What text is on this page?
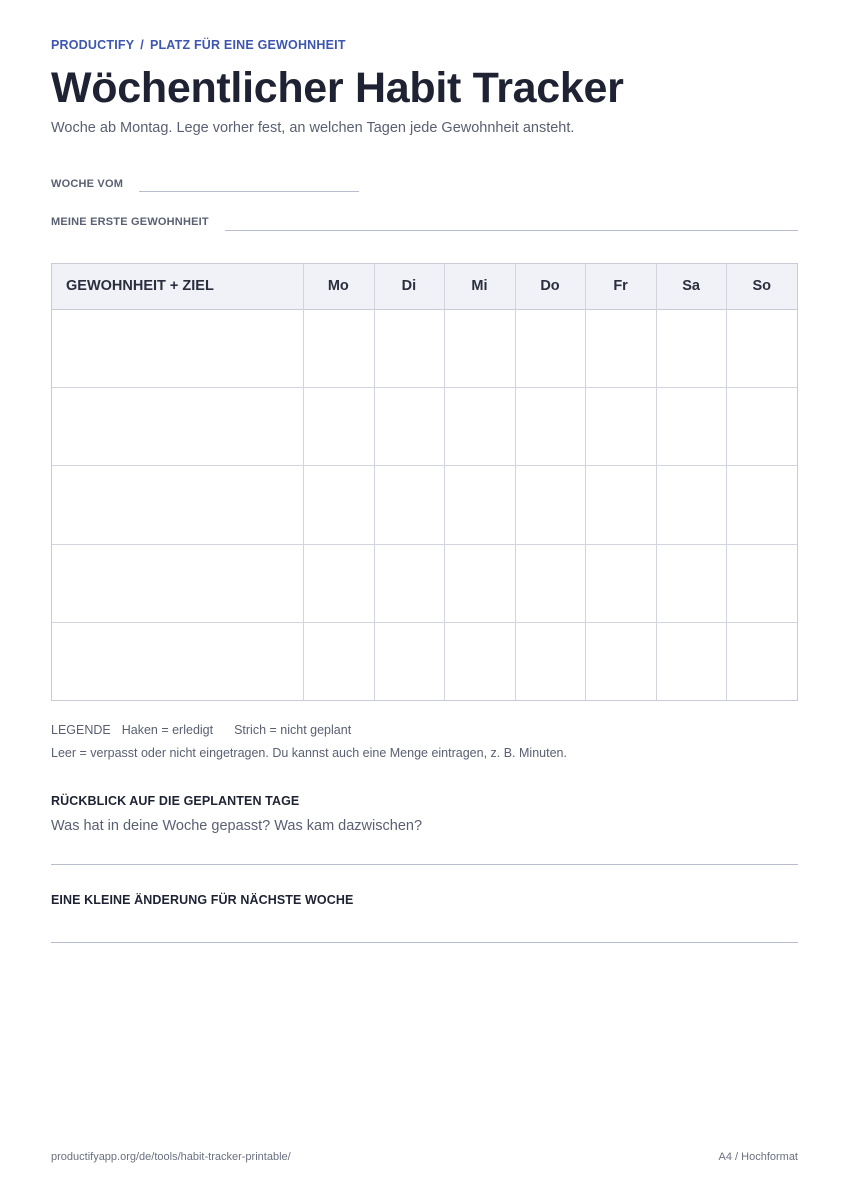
PRODUCTIFY / PLATZ FÜR EINE GEWOHNHEIT
Wöchentlicher Habit Tracker
Woche ab Montag. Lege vorher fest, an welchen Tagen jede Gewohnheit ansteht.
WOCHE VOM
MEINE ERSTE GEWOHNHEIT
GEWOHNHEIT + ZIEL	Mo	Di	Mi	Do	Fr	Sa	So
LEGENDE Haken = erledigt Strich = nicht geplant
Leer = verpasst oder nicht eingetragen. Du kannst auch eine Menge eintragen, z. B. Minuten.
RÜCKBLICK AUF DIE GEPLANTEN TAGE
Was hat in deine Woche gepasst? Was kam dazwischen?
EINE KLEINE ÄNDERUNG FÜR NÄCHSTE WOCHE
productifyapp.org/de/tools/habit-tracker-printable/	A4 / Hochformat
